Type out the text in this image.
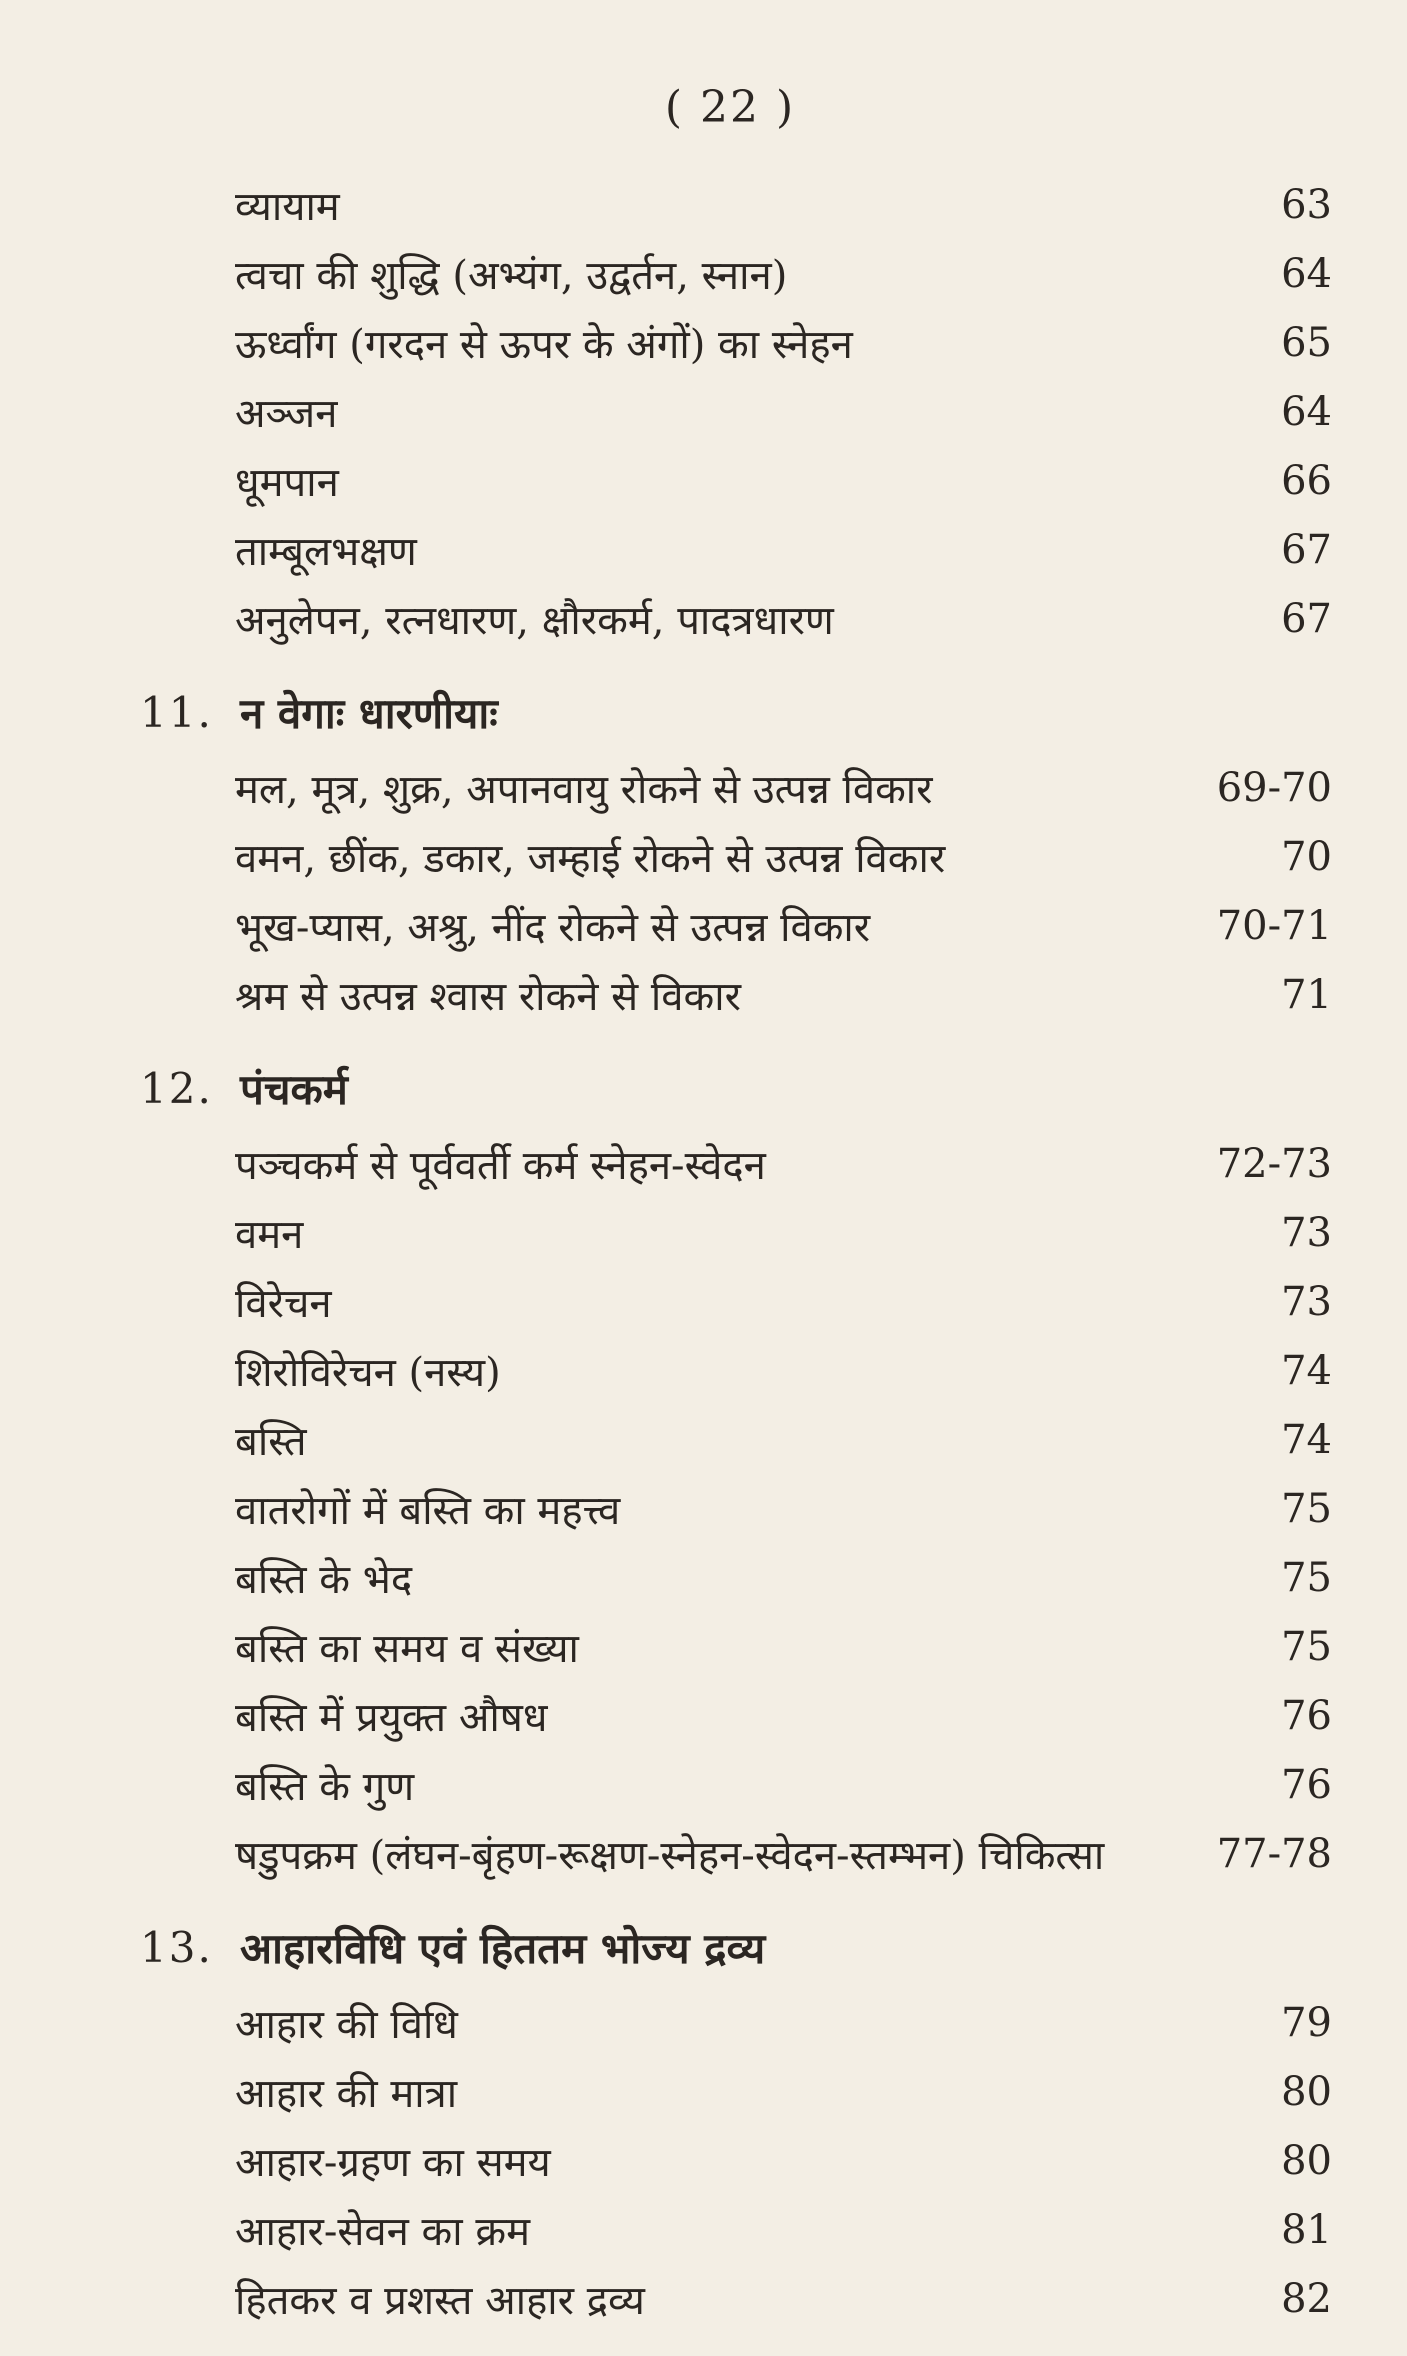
( 22 )
व्यायाम	63
त्वचा की शुद्धि (अभ्यंग, उद्वर्तन, स्नान)	64
ऊर्ध्वांग (गरदन से ऊपर के अंगों) का स्नेहन	65
अञ्जन	64
धूमपान	66
ताम्बूलभक्षण	67
अनुलेपन, रत्नधारण, क्षौरकर्म, पादत्रधारण	67
11. न वेगाः धारणीयाः
मल, मूत्र, शुक्र, अपानवायु रोकने से उत्पन्न विकार	69-70
वमन, छींक, डकार, जम्हाई रोकने से उत्पन्न विकार	70
भूख-प्यास, अश्रु, नींद रोकने से उत्पन्न विकार	70-71
श्रम से उत्पन्न श्वास रोकने से विकार	71
12. पंचकर्म
पञ्चकर्म से पूर्ववर्ती कर्म स्नेहन-स्वेदन	72-73
वमन	73
विरेचन	73
शिरोविरेचन (नस्य)	74
बस्ति	74
वातरोगों में बस्ति का महत्त्व	75
बस्ति के भेद	75
बस्ति का समय व संख्या	75
बस्ति में प्रयुक्त औषध	76
बस्ति के गुण	76
षडुपक्रम (लंघन-बृंहण-रूक्षण-स्नेहन-स्वेदन-स्तम्भन) चिकित्सा	77-78
13. आहारविधि एवं हिततम भोज्य द्रव्य
आहार की विधि	79
आहार की मात्रा	80
आहार-ग्रहण का समय	80
आहार-सेवन का क्रम	81
हितकर व प्रशस्त आहार द्रव्य	82
